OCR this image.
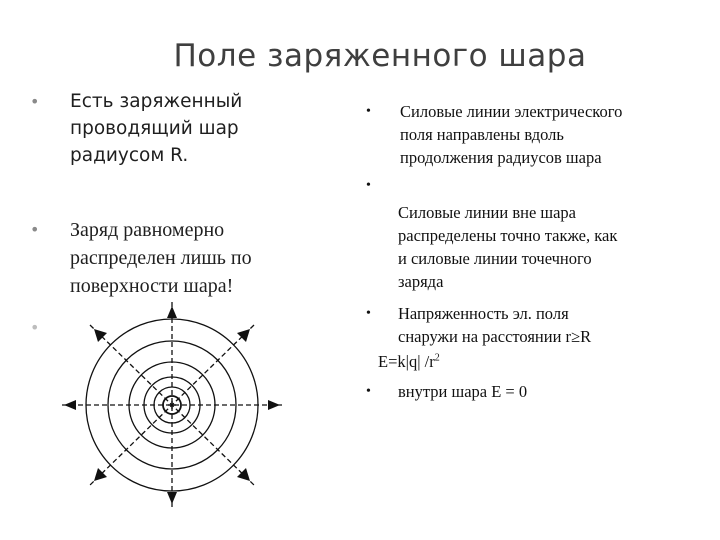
Поле заряженного шара
• Есть заряженный
проводящий шар
радиусом R.
• Заряд равномерно
распределен лишь по
поверхности шара!
•
• Силовые линии электрического
поля направлены вдоль
продолжения радиусов шара
•
Силовые линии вне шара
распределены точно также, как
и силовые линии точечного
заряда
• Напряженность эл. поля
снаружи на расстоянии r≥R
E=k|q| $/r^2$
• внутри шара E = 0
